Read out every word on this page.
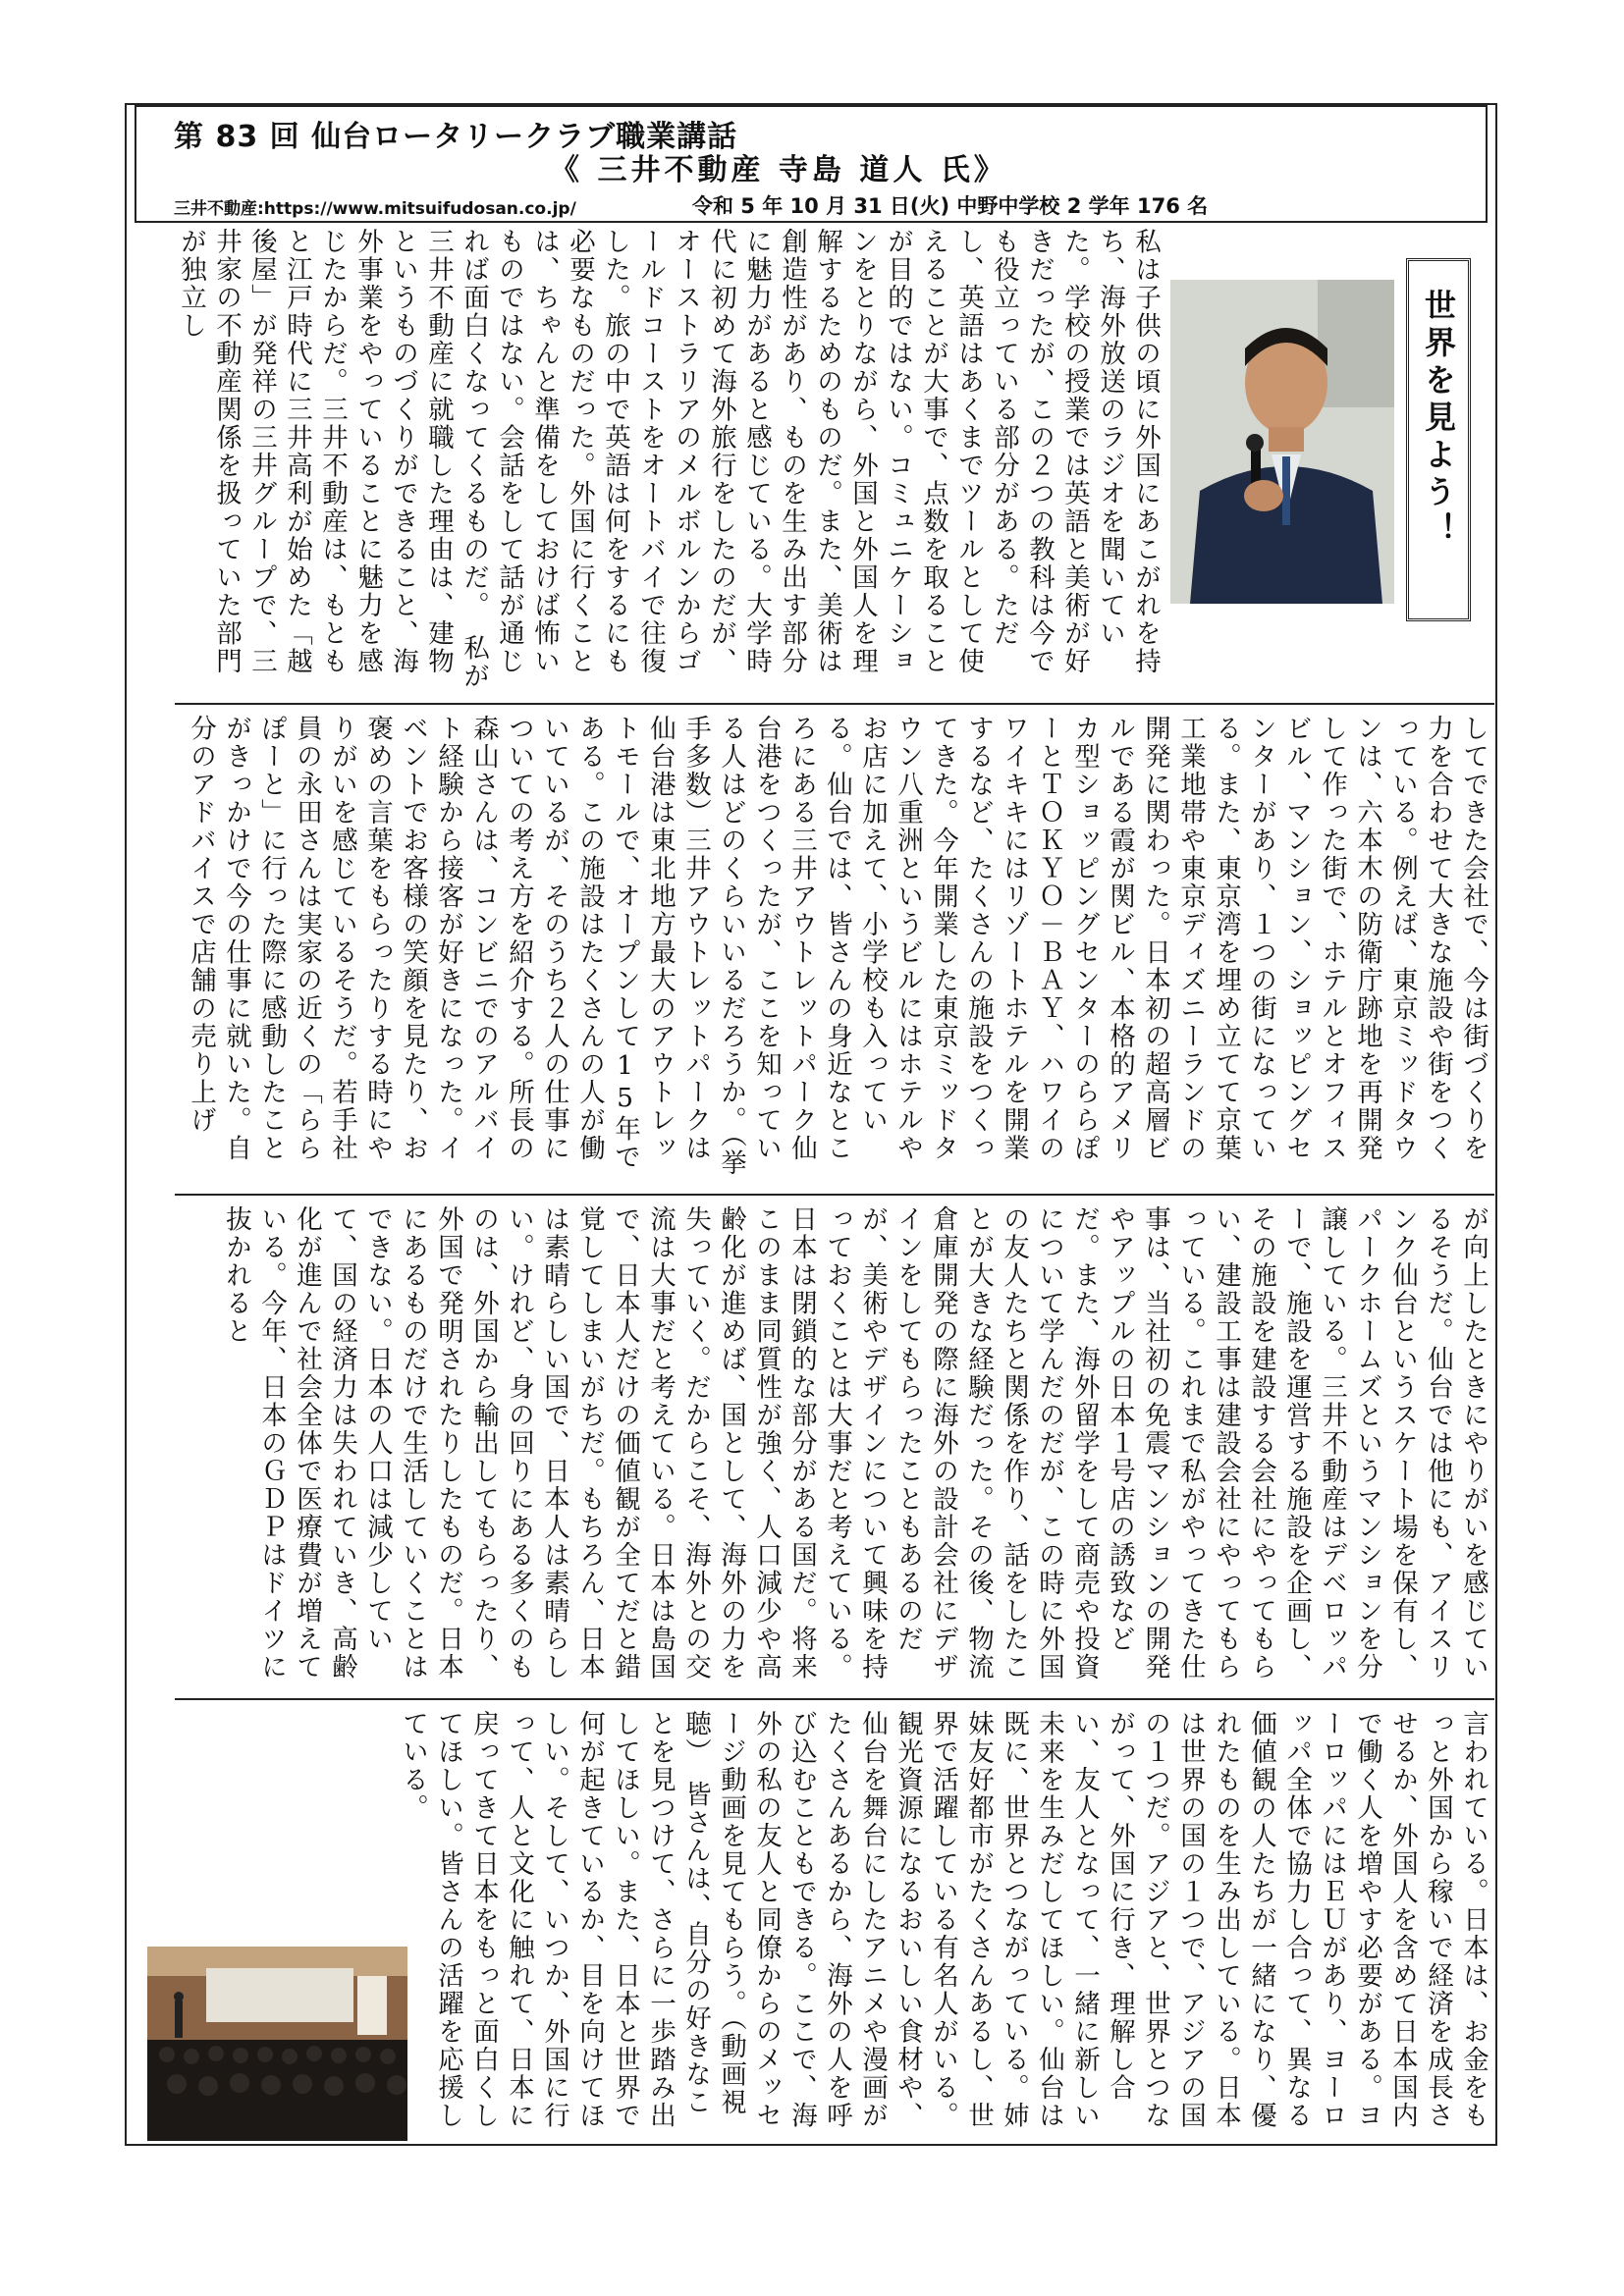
第 83 回 仙台ロータリークラブ職業講話
《 三井不動産 寺島 道人 氏》
三井不動産:https://www.mitsuifudosan.co.jp/	令和 5 年 10 月 31 日(火) 中野中学校 2 学年 176 名
私は子供の頃に外国にあこがれを持ち、海外放送のラジオを聞いていた。学校の授業では英語と美術が好きだったが、この２つの教科は今でも役立っている部分がある。ただし、英語はあくまでツールとして使えることが大事で、点数を取ることが目的ではない。コミュニケーションをとりながら、外国と外国人を理解するためのものだ。また、美術は創造性があり、ものを生み出す部分に魅力があると感じている。大学時代に初めて海外旅行をしたのだが、オーストラリアのメルボルンからゴールドコーストをオートバイで往復した。旅の中で英語は何をするにも必要なものだった。外国に行くことは、ちゃんと準備をしておけば怖いものではない。会話をして話が通じれば面白くなってくるものだ。　私が三井不動産に就職した理由は、建物というものづくりができること、海外事業をやっていることに魅力を感じたからだ。三井不動産は、もともと江戸時代に三井高利が始めた「越後屋」が発祥の三井グループで、三井家の不動産関係を扱っていた部門が独立し
世界を見よう！
してできた会社で、今は街づくりを力を合わせて大きな施設や街をつくっている。例えば、東京ミッドタウンは、六本木の防衛庁跡地を再開発して作った街で、ホテルとオフィスビル、マンション、ショッピングセンターがあり、１つの街になっている。また、東京湾を埋め立てて京葉工業地帯や東京ディズニーランドの開発に関わった。日本初の超高層ビルである霞が関ビル、本格的アメリカ型ショッピングセンターのららぽーとＴＯＫＹＯ－ＢＡＹ、ハワイのワイキキにはリゾートホテルを開業するなど、たくさんの施設をつくってきた。今年開業した東京ミッドタウン八重洲というビルにはホテルやお店に加えて、小学校も入っている。仙台では、皆さんの身近なところにある三井アウトレットパーク仙台港をつくったが、ここを知っている人はどのくらいいるだろうか。（挙手多数）三井アウトレットパークは仙台港は東北地方最大のアウトレットモールで、オープンして15年である。この施設はたくさんの人が働いているが、そのうち２人の仕事についての考え方を紹介する。所長の森山さんは、コンビニでのアルバイト経験から接客が好きになった。イベントでお客様の笑顔を見たり、お褒めの言葉をもらったりする時にやりがいを感じているそうだ。若手社員の永田さんは実家の近くの「ららぽーと」に行った際に感動したことがきっかけで今の仕事に就いた。自分のアドバイスで店舗の売り上げ
が向上したときにやりがいを感じているそうだ。仙台では他にも、アイスリンク仙台というスケート場を保有し、パークホームズというマンションを分譲している。三井不動産はデベロッパーで、施設を運営する施設を企画し、その施設を建設する会社にやってもらい、建設工事は建設会社にやってもらっている。これまで私がやってきた仕事は、当社初の免震マンションの開発やアップルの日本１号店の誘致などだ。また、海外留学をして商売や投資について学んだのだが、この時に外国の友人たちと関係を作り、話をしたことが大きな経験だった。その後、物流倉庫開発の際に海外の設計会社にデザインをしてもらったこともあるのだが、美術やデザインについて興味を持っておくことは大事だと考えている。日本は閉鎖的な部分がある国だ。将来このまま同質性が強く、人口減少や高齢化が進めば、国として、海外の力を失っていく。だからこそ、海外との交流は大事だと考えている。日本は島国で、日本人だけの価値観が全てだと錯覚してしまいがちだ。もちろん、日本は素晴らしい国で、日本人は素晴らしい。けれど、身の回りにある多くのものは、外国から輸出してもらったり、外国で発明されたりしたものだ。日本にあるものだけで生活していくことはできない。日本の人口は減少していて、国の経済力は失われていき、高齢化が進んで社会全体で医療費が増えている。今年、日本のＧＤＰはドイツに抜かれると
言われている。日本は、お金をもっと外国から稼いで経済を成長させるか、外国人を含めて日本国内で働く人を増やす必要がある。ヨーロッパにはＥＵがあり、ヨーロッパ全体で協力し合って、異なる価値観の人たちが一緒になり、優れたものを生み出している。日本は世界の国の１つで、アジアの国の１つだ。アジアと、世界とつながって、外国に行き、理解し合い、友人となって、一緒に新しい未来を生みだしてほしい。仙台は既に、世界とつながっている。姉妹友好都市がたくさんあるし、世界で活躍している有名人がいる。観光資源になるおいしい食材や、仙台を舞台にしたアニメや漫画がたくさんあるから、海外の人を呼び込むこともできる。ここで、海外の私の友人と同僚からのメッセージ動画を見てもらう。（動画視聴）　皆さんは、自分の好きなことを見つけて、さらに一歩踏み出してほしい。また、日本と世界で何が起きているか、目を向けてほしい。そして、いつか、外国に行って、人と文化に触れて、日本に戻ってきて日本をもっと面白くしてほしい。皆さんの活躍を応援している。
